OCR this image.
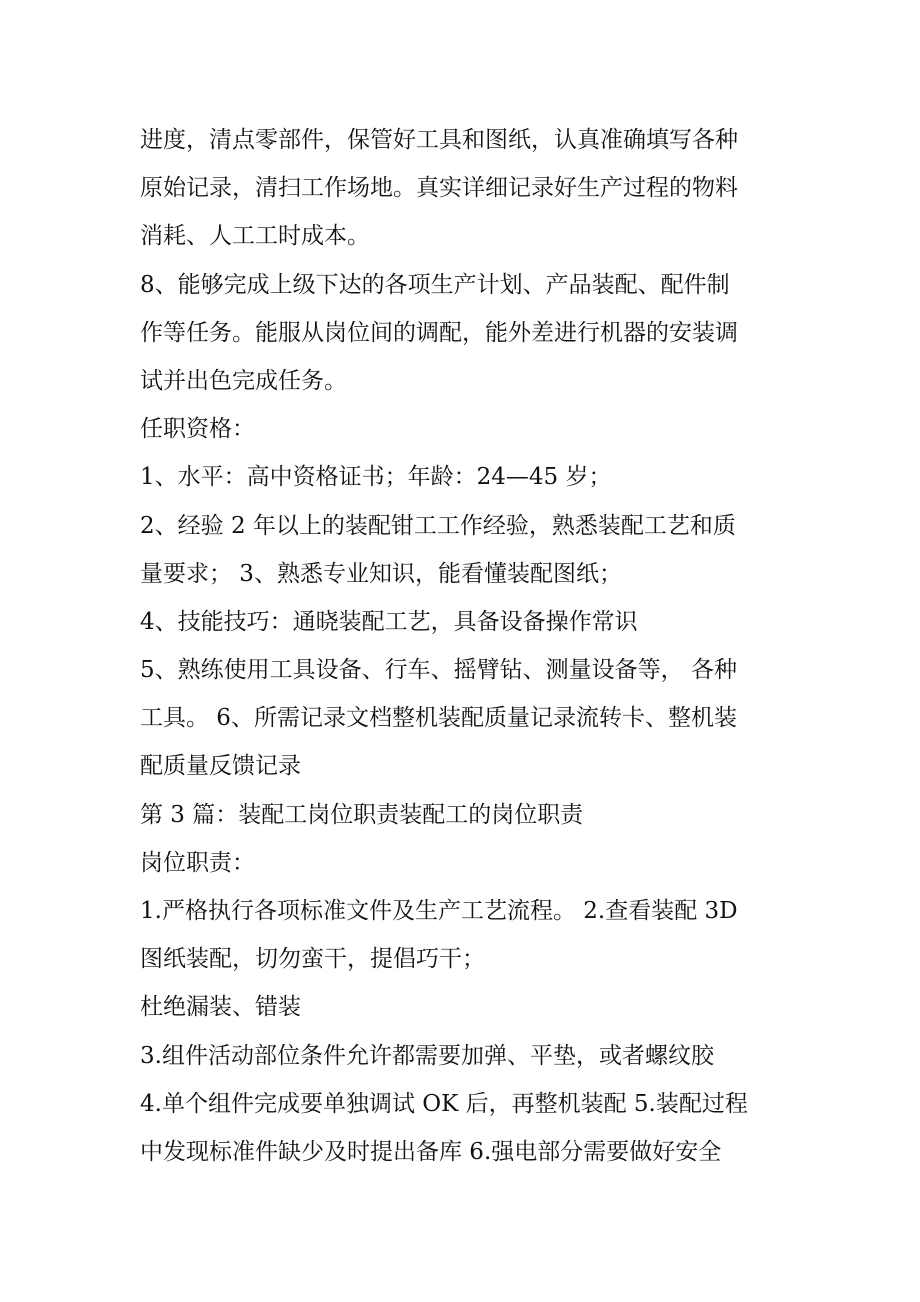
进度，清点零部件，保管好工具和图纸，认真准确填写各种
原始记录，清扫工作场地。真实详细记录好生产过程的物料
消耗、人工工时成本。
8、能够完成上级下达的各项生产计划、产品装配、配件制
作等任务。能服从岗位间的调配，能外差进行机器的安装调
试并出色完成任务。
任职资格：
1、水平：高中资格证书；年龄：24—45 岁；
2、经验 2 年以上的装配钳工工作经验，熟悉装配工艺和质
量要求； 3、熟悉专业知识，能看懂装配图纸；
4、技能技巧：通晓装配工艺，具备设备操作常识
5、熟练使用工具设备、行车、摇臂钻、测量设备等， 各种
工具。 6、所需记录文档整机装配质量记录流转卡、整机装
配质量反馈记录
第 3 篇：装配工岗位职责装配工的岗位职责
岗位职责：
1.严格执行各项标准文件及生产工艺流程。 2.查看装配 3D
图纸装配，切勿蛮干，提倡巧干；
杜绝漏装、错装
3.组件活动部位条件允许都需要加弹、平垫，或者螺纹胶
4.单个组件完成要单独调试 OK 后，再整机装配 5.装配过程
中发现标准件缺少及时提出备库 6.强电部分需要做好安全
